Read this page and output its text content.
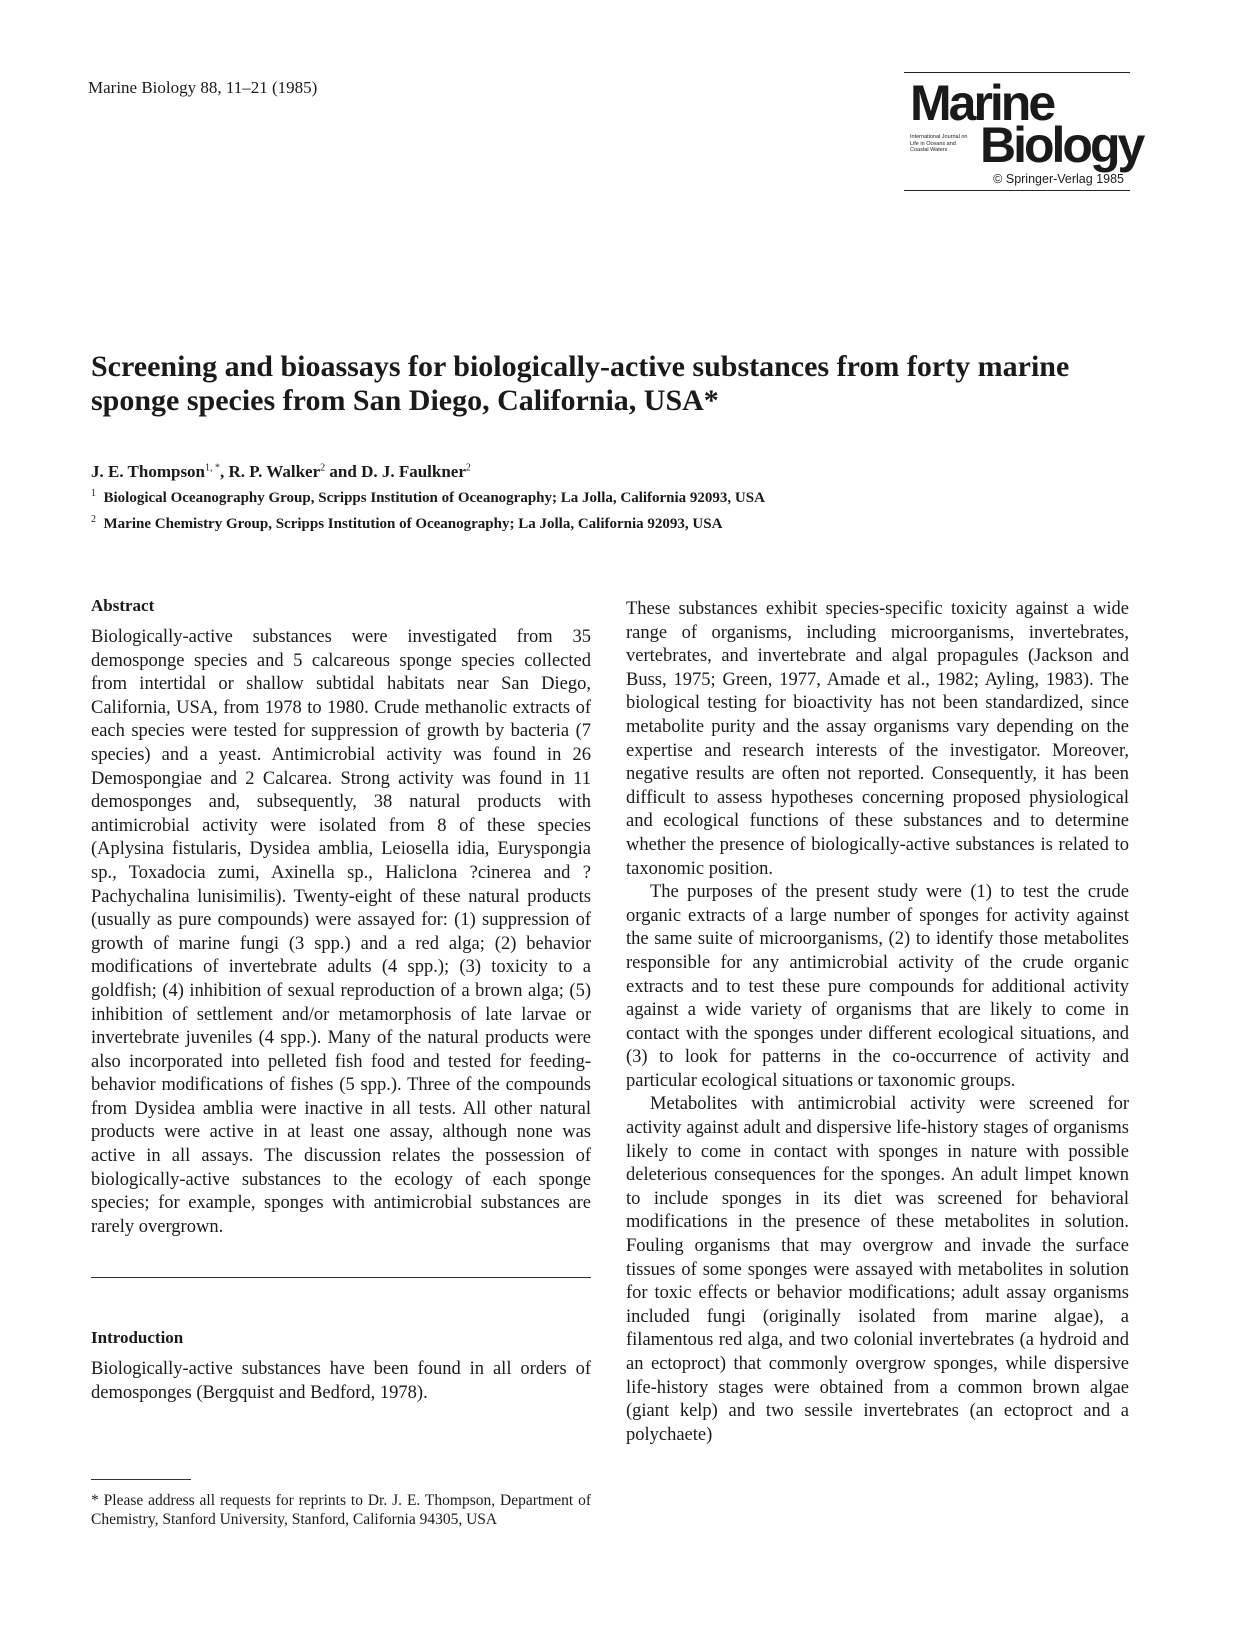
Marine Biology 88, 11–21 (1985)	Marine
International Journal on Life in Oceans and Coastal Waters Biology
© Springer-Verlag 1985
Screening and bioassays for biologically-active substances from forty marine sponge species from San Diego, California, USA*
J. E. Thompson$^{1, *}$, R. P. Walker$^2$ and D. J. Faulkner$^2$
$^1$ Biological Oceanography Group, Scripps Institution of Oceanography; La Jolla, California 92093, USA
$^2$ Marine Chemistry Group, Scripps Institution of Oceanography; La Jolla, California 92093, USA
Abstract

Biologically-active substances were investigated from 35 demosponge species and 5 calcareous sponge species collected from intertidal or shallow subtidal habitats near San Diego, California, USA, from 1978 to 1980. Crude methanolic extracts of each species were tested for suppression of growth by bacteria (7 species) and a yeast. Antimicrobial activity was found in 26 Demospongiae and 2 Calcarea. Strong activity was found in 11 demosponges and, subsequently, 38 natural products with antimicrobial activity were isolated from 8 of these species (Aplysina fistularis, Dysidea amblia, Leiosella idia, Euryspongia sp., Toxadocia zumi, Axinella sp., Haliclona ?cinerea and ?Pachychalina lunisimilis). Twenty-eight of these natural products (usually as pure compounds) were assayed for: (1) suppression of growth of marine fungi (3 spp.) and a red alga; (2) behavior modifications of invertebrate adults (4 spp.); (3) toxicity to a goldfish; (4) inhibition of sexual reproduction of a brown alga; (5) inhibition of settlement and/or metamorphosis of late larvae or invertebrate juveniles (4 spp.). Many of the natural products were also incorporated into pelleted fish food and tested for feeding-behavior modifications of fishes (5 spp.). Three of the compounds from Dysidea amblia were inactive in all tests. All other natural products were active in at least one assay, although none was active in all assays. The discussion relates the possession of biologically-active substances to the ecology of each sponge species; for example, sponges with antimicrobial substances are rarely overgrown.

Introduction

Biologically-active substances have been found in all orders of demosponges (Bergquist and Bedford, 1978).

* Please address all requests for reprints to Dr. J. E. Thompson, Department of Chemistry, Stanford University, Stanford, California 94305, USA

These substances exhibit species-specific toxicity against a wide range of organisms, including microorganisms, invertebrates, vertebrates, and invertebrate and algal propagules (Jackson and Buss, 1975; Green, 1977, Amade et al., 1982; Ayling, 1983). The biological testing for bioactivity has not been standardized, since metabolite purity and the assay organisms vary depending on the expertise and research interests of the investigator. Moreover, negative results are often not reported. Consequently, it has been difficult to assess hypotheses concerning proposed physiological and ecological functions of these substances and to determine whether the presence of biologically-active substances is related to taxonomic position.

The purposes of the present study were (1) to test the crude organic extracts of a large number of sponges for activity against the same suite of microorganisms, (2) to identify those metabolites responsible for any antimicrobial activity of the crude organic extracts and to test these pure compounds for additional activity against a wide variety of organisms that are likely to come in contact with the sponges under different ecological situations, and (3) to look for patterns in the co-occurrence of activity and particular ecological situations or taxonomic groups.

Metabolites with antimicrobial activity were screened for activity against adult and dispersive life-history stages of organisms likely to come in contact with sponges in nature with possible deleterious consequences for the sponges. An adult limpet known to include sponges in its diet was screened for behavioral modifications in the presence of these metabolites in solution. Fouling organisms that may overgrow and invade the surface tissues of some sponges were assayed with metabolites in solution for toxic effects or behavior modifications; adult assay organisms included fungi (originally isolated from marine algae), a filamentous red alga, and two colonial invertebrates (a hydroid and an ectoproct) that commonly overgrow sponges, while dispersive life-history stages were obtained from a common brown algae (giant kelp) and two sessile invertebrates (an ectoproct and a polychaete)
